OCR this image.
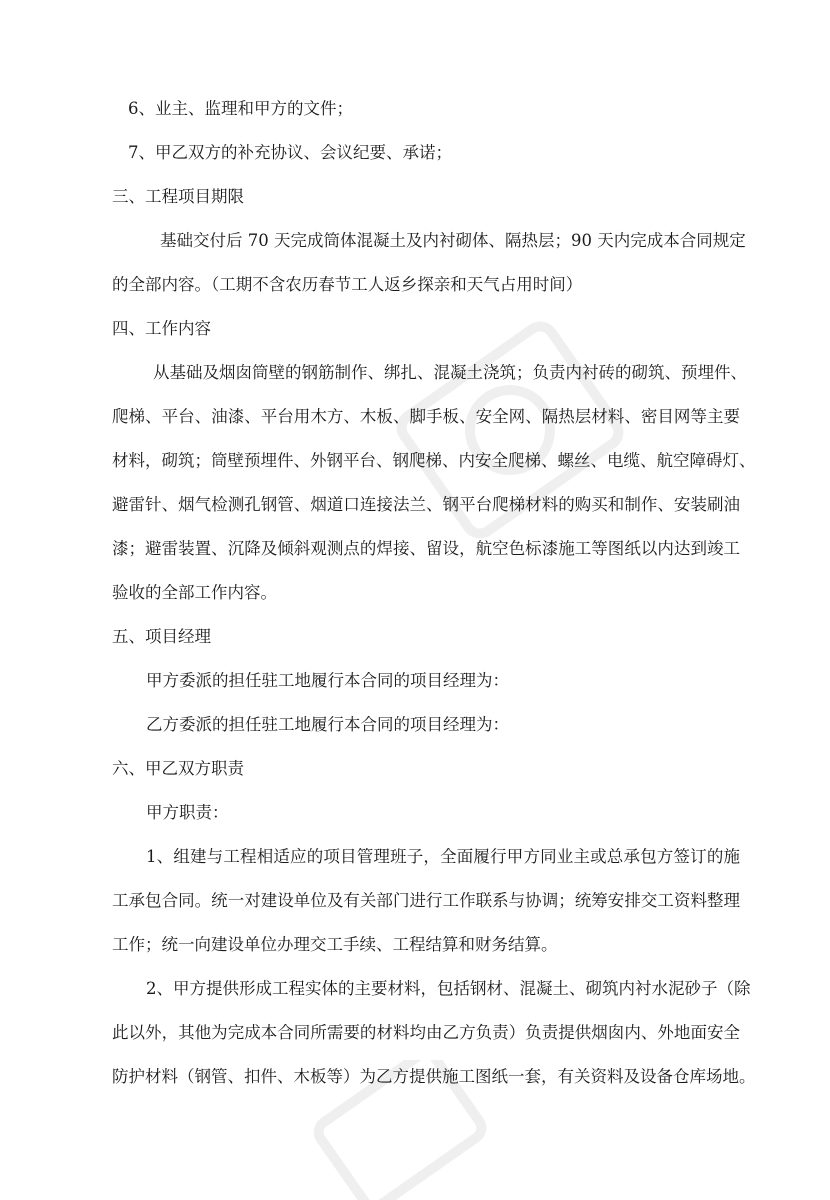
6、业主、监理和甲方的文件；
7、甲乙双方的补充协议、会议纪要、承诺；
三、工程项目期限
基础交付后 70 天完成筒体混凝土及内衬砌体、隔热层；90 天内完成本合同规定
的全部内容。（工期不含农历春节工人返乡探亲和天气占用时间）
四、工作内容
从基础及烟囱筒壁的钢筋制作、绑扎、混凝土浇筑；负责内衬砖的砌筑、预埋件、
爬梯、平台、油漆、平台用木方、木板、脚手板、安全网、隔热层材料、密目网等主要
材料，砌筑；筒壁预埋件、外钢平台、钢爬梯、内安全爬梯、螺丝、电缆、航空障碍灯、
避雷针、烟气检测孔钢管、烟道口连接法兰、钢平台爬梯材料的购买和制作、安装刷油
漆；避雷装置、沉降及倾斜观测点的焊接、留设，航空色标漆施工等图纸以内达到竣工
验收的全部工作内容。
五、项目经理
甲方委派的担任驻工地履行本合同的项目经理为：
乙方委派的担任驻工地履行本合同的项目经理为：
六、甲乙双方职责
甲方职责：
1、组建与工程相适应的项目管理班子，全面履行甲方同业主或总承包方签订的施
工承包合同。统一对建设单位及有关部门进行工作联系与协调；统筹安排交工资料整理
工作；统一向建设单位办理交工手续、工程结算和财务结算。
2、甲方提供形成工程实体的主要材料，包括钢材、混凝土、砌筑内衬水泥砂子（除
此以外，其他为完成本合同所需要的材料均由乙方负责）负责提供烟囱内、外地面安全
防护材料（钢管、扣件、木板等）为乙方提供施工图纸一套，有关资料及设备仓库场地。
